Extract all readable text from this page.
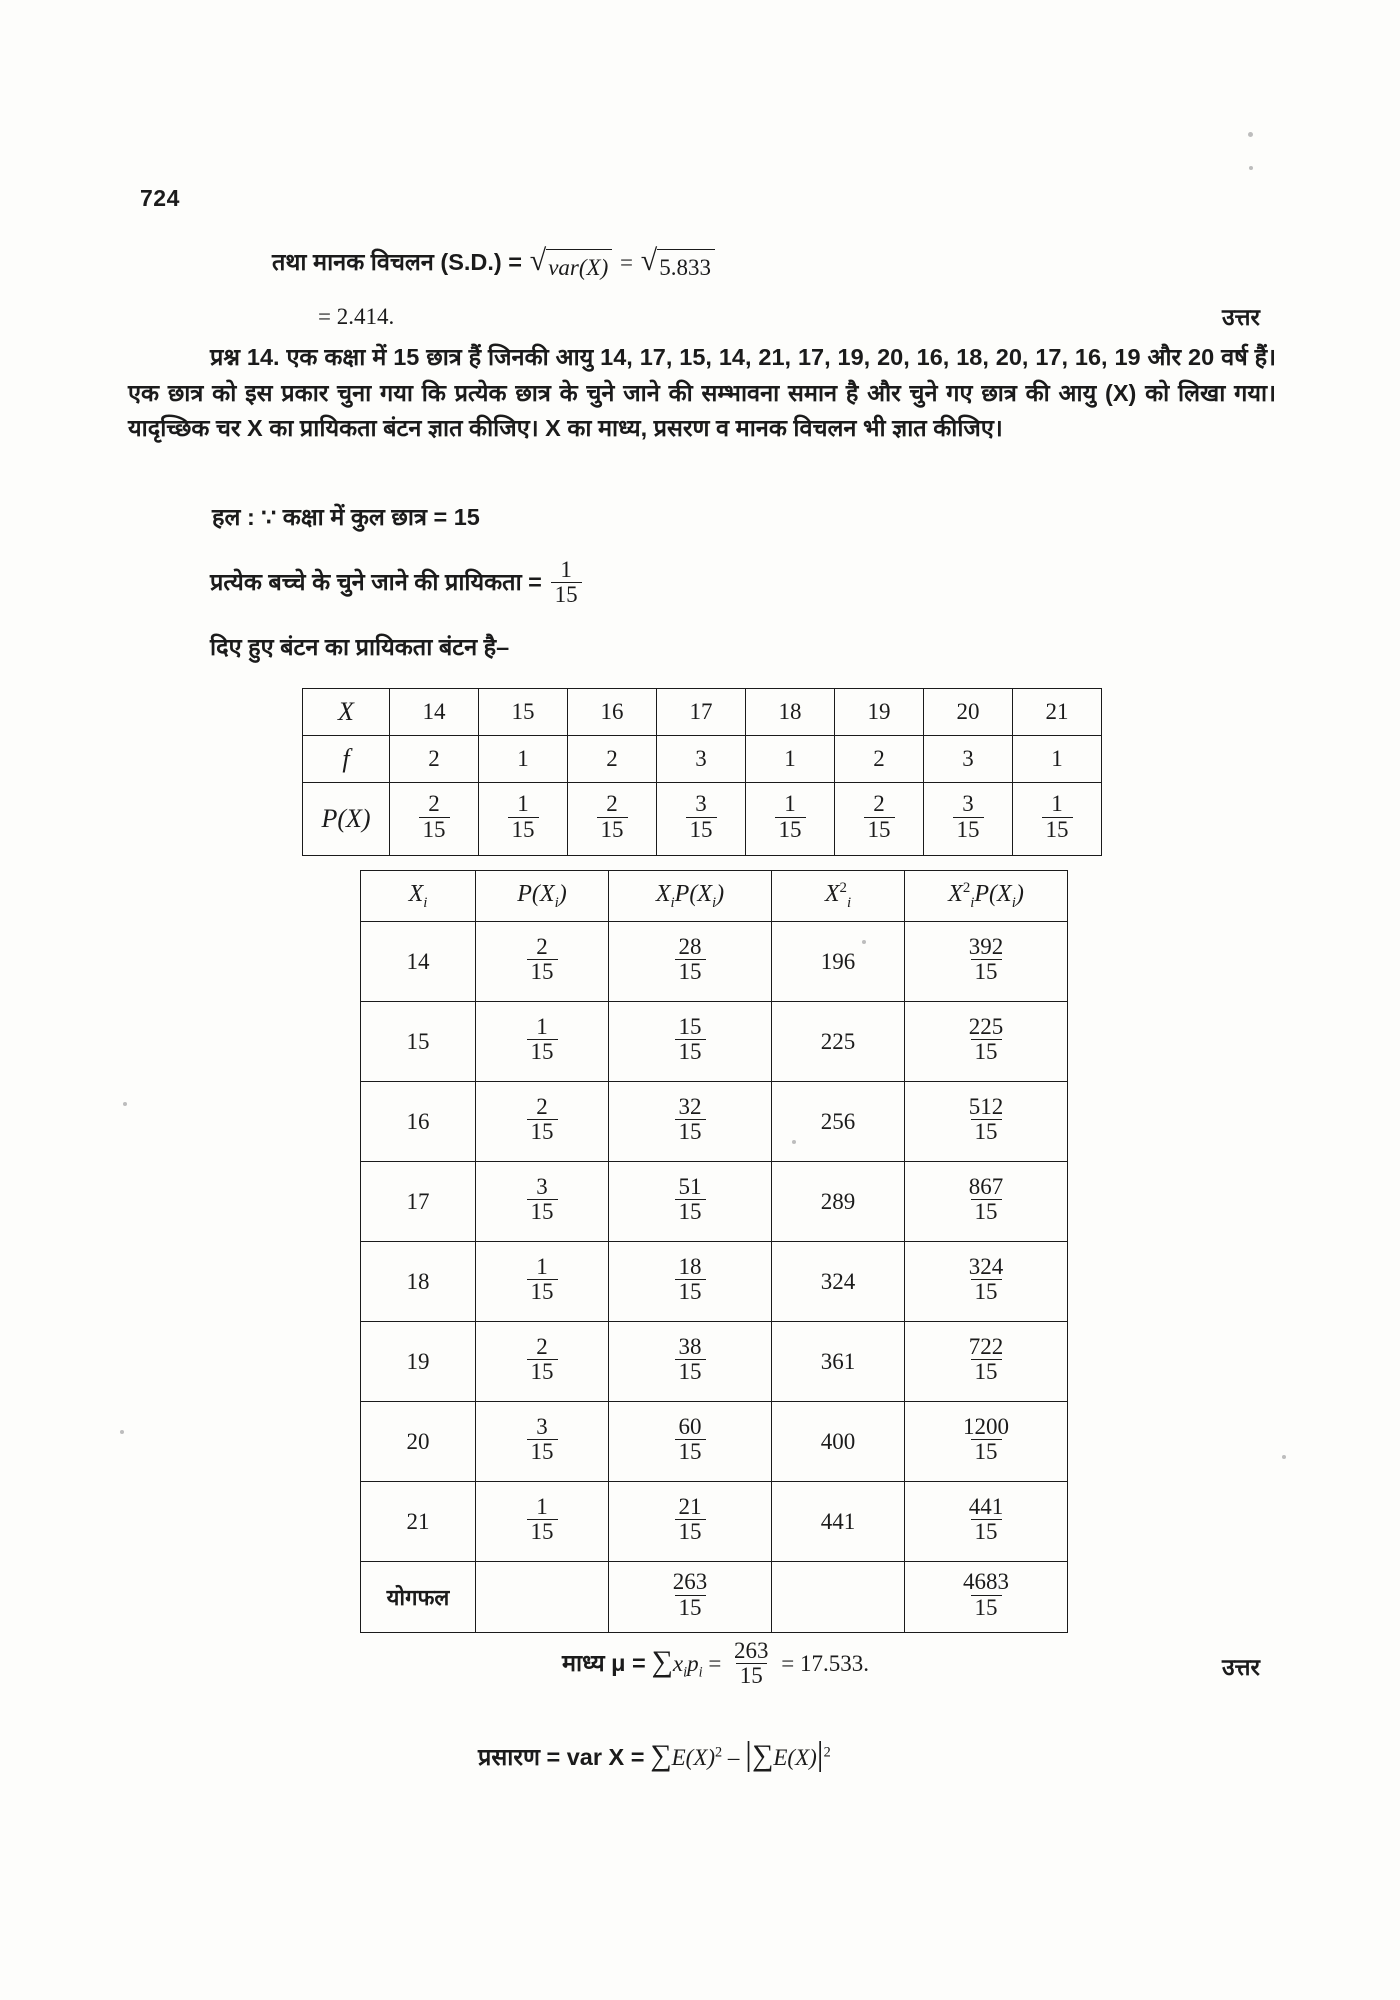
724
तथा मानक विचलन (S.D.) = √ var(X) = √ 5.833
= 2.414.	उत्तर
प्रश्न 14. एक कक्षा में 15 छात्र हैं जिनकी आयु 14, 17, 15, 14, 21, 17, 19, 20, 16, 18, 20, 17, 16, 19 और 20 वर्ष हैं। एक छात्र को इस प्रकार चुना गया कि प्रत्येक छात्र के चुने जाने की सम्भावना समान है और चुने गए छात्र की आयु (X) को लिखा गया। यादृच्छिक चर X का प्रायिकता बंटन ज्ञात कीजिए। X का माध्य, प्रसरण व मानक विचलन भी ज्ञात कीजिए।
हल : ∵ कक्षा में कुल छात्र = 15
प्रत्येक बच्चे के चुने जाने की प्रायिकता = $\frac{1}{15}$
दिए हुए बंटन का प्रायिकता बंटन है–
X	14	15	16	17	18	19	20	21
f	2	1	2	3	1	2	3	1
P(X)	$\frac{2}{15}$	$\frac{1}{15}$	$\frac{2}{15}$	$\frac{3}{15}$	$\frac{1}{15}$	$\frac{2}{15}$	$\frac{3}{15}$	$\frac{1}{15}$
$X_i$	$P(X_i)$	$X_iP(X_i)$	$X^2_i$	$X^2_iP(X_i)$
14	$\frac{2}{15}$	$\frac{28}{15}$	196	$\frac{392}{15}$

15	$\frac{1}{15}$	$\frac{15}{15}$	225	$\frac{225}{15}$

16	$\frac{2}{15}$	$\frac{32}{15}$	256	$\frac{512}{15}$

17	$\frac{3}{15}$	$\frac{51}{15}$	289	$\frac{867}{15}$

18	$\frac{1}{15}$	$\frac{18}{15}$	324	$\frac{324}{15}$

19	$\frac{2}{15}$	$\frac{38}{15}$	361	$\frac{722}{15}$

20	$\frac{3}{15}$	$\frac{60}{15}$	400	$\frac{1200}{15}$

21	$\frac{1}{15}$	$\frac{21}{15}$	441	$\frac{441}{15}$

योगफल		$\frac{263}{15}$		$\frac{4683}{15}$
माध्य $\mu = \sum x_ip_i = \frac{263}{15} = 17.533$.	उत्तर
प्रसारण = var $X = \sum E(X)^2 - |\sum E(X)|^2$
